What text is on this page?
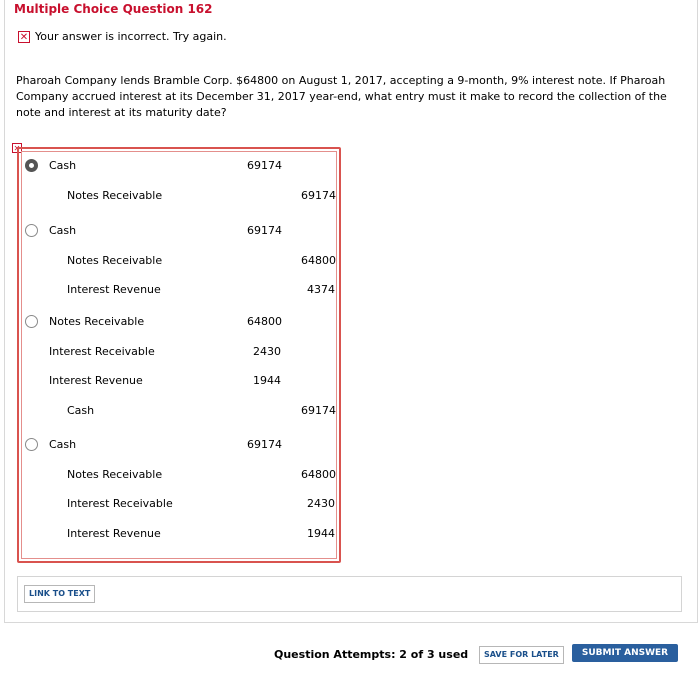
Multiple Choice Question 162
✕ Your answer is incorrect. Try again.
Pharoah Company lends Bramble Corp. $64800 on August 1, 2017, accepting a 9-month, 9% interest note. If Pharoah Company accrued interest at its December 31, 2017 year-end, what entry must it make to record the collection of the note and interest at its maturity date?
✕
Cash	69174
Notes Receivable	69174
Cash	69174
Notes Receivable	64800
Interest Revenue	4374
Notes Receivable	64800
Interest Receivable	2430
Interest Revenue	1944
Cash	69174
Cash	69174
Notes Receivable	64800
Interest Receivable	2430
Interest Revenue	1944
LINK TO TEXT
Question Attempts: 2 of 3 used	SAVE FOR LATER	SUBMIT ANSWER
